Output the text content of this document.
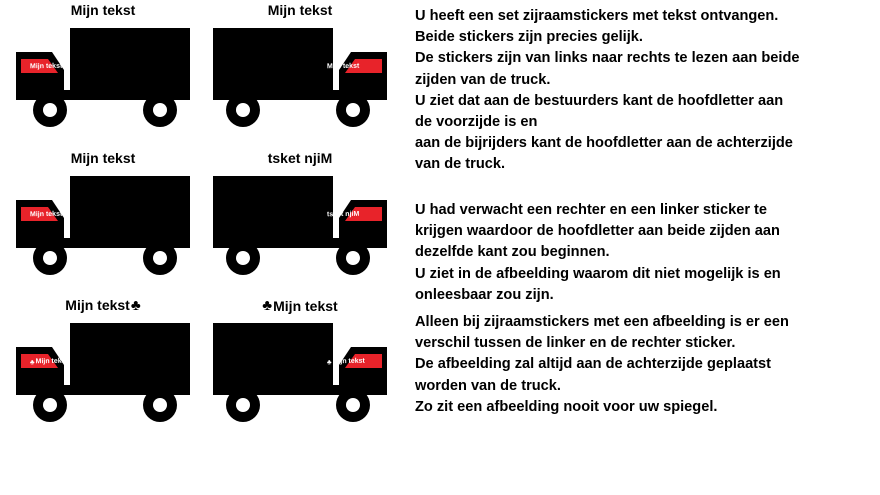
Mijn tekst
Mijn tekst
Mijn tekst
Mijn tekst
Mijn tekst
Mijn tekst
tsket njiM
tsket njiM
Mijn tekst ♣
♣ Mijn tekst
♣ Mijn tekst
♣ Mijn tekst

U heeft een set zijraamstickers met tekst ontvangen.

Beide stickers zijn precies gelijk.

De stickers zijn van links naar rechts te lezen aan beide

zijden van de truck.

U ziet dat aan de bestuurders kant de hoofdletter aan

de voorzijde is en

aan de bijrijders kant de hoofdletter aan de achterzijde

van de truck.

U had verwacht een rechter en een linker sticker te

krijgen waardoor de hoofdletter aan beide zijden aan

dezelfde kant zou beginnen.

U ziet in de afbeelding waarom dit niet mogelijk is en

onleesbaar zou zijn.

Alleen bij zijraamstickers met een afbeelding is er een

verschil tussen de linker en de rechter sticker.

De afbeelding zal altijd aan de achterzijde geplaatst

worden van de truck.

Zo zit een afbeelding nooit voor uw spiegel.
